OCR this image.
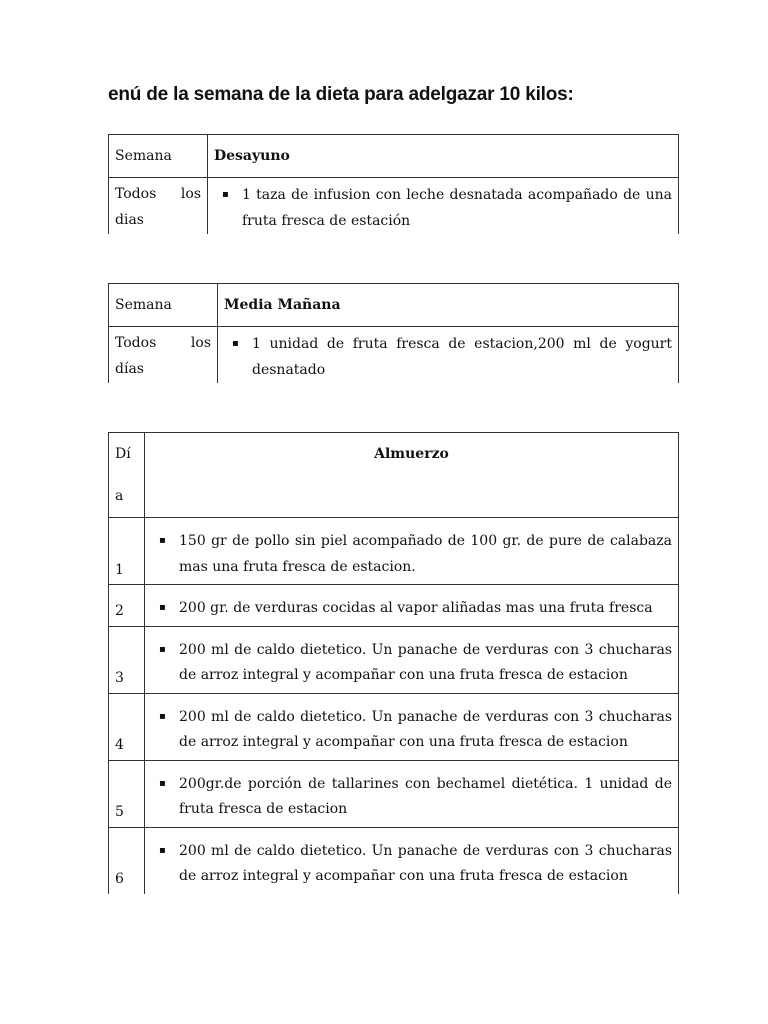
enú de la semana de la dieta para adelgazar 10 kilos:
Semana	Desayuno
Todos los dias	▪ 1 taza de infusion con leche desnatada acompañado de una fruta fresca de estación
Semana	Media Mañana
Todos los días	▪ 1 unidad de fruta fresca de estacion,200 ml de yogurt desnatado
Día	Almuerzo
1	▪ 150 gr de pollo sin piel acompañado de 100 gr. de pure de calabaza mas una fruta fresca de estacion.

2	▪ 200 gr. de verduras cocidas al vapor aliñadas mas una fruta fresca

3	▪ 200 ml de caldo dietetico. Un panache de verduras con 3 chucharas de arroz integral y acompañar con una fruta fresca de estacion

4	▪ 200 ml de caldo dietetico. Un panache de verduras con 3 chucharas de arroz integral y acompañar con una fruta fresca de estacion

5	▪ 200gr.de porción de tallarines con bechamel dietética. 1 unidad de fruta fresca de estacion

6	▪ 200 ml de caldo dietetico. Un panache de verduras con 3 chucharas de arroz integral y acompañar con una fruta fresca de estacion
